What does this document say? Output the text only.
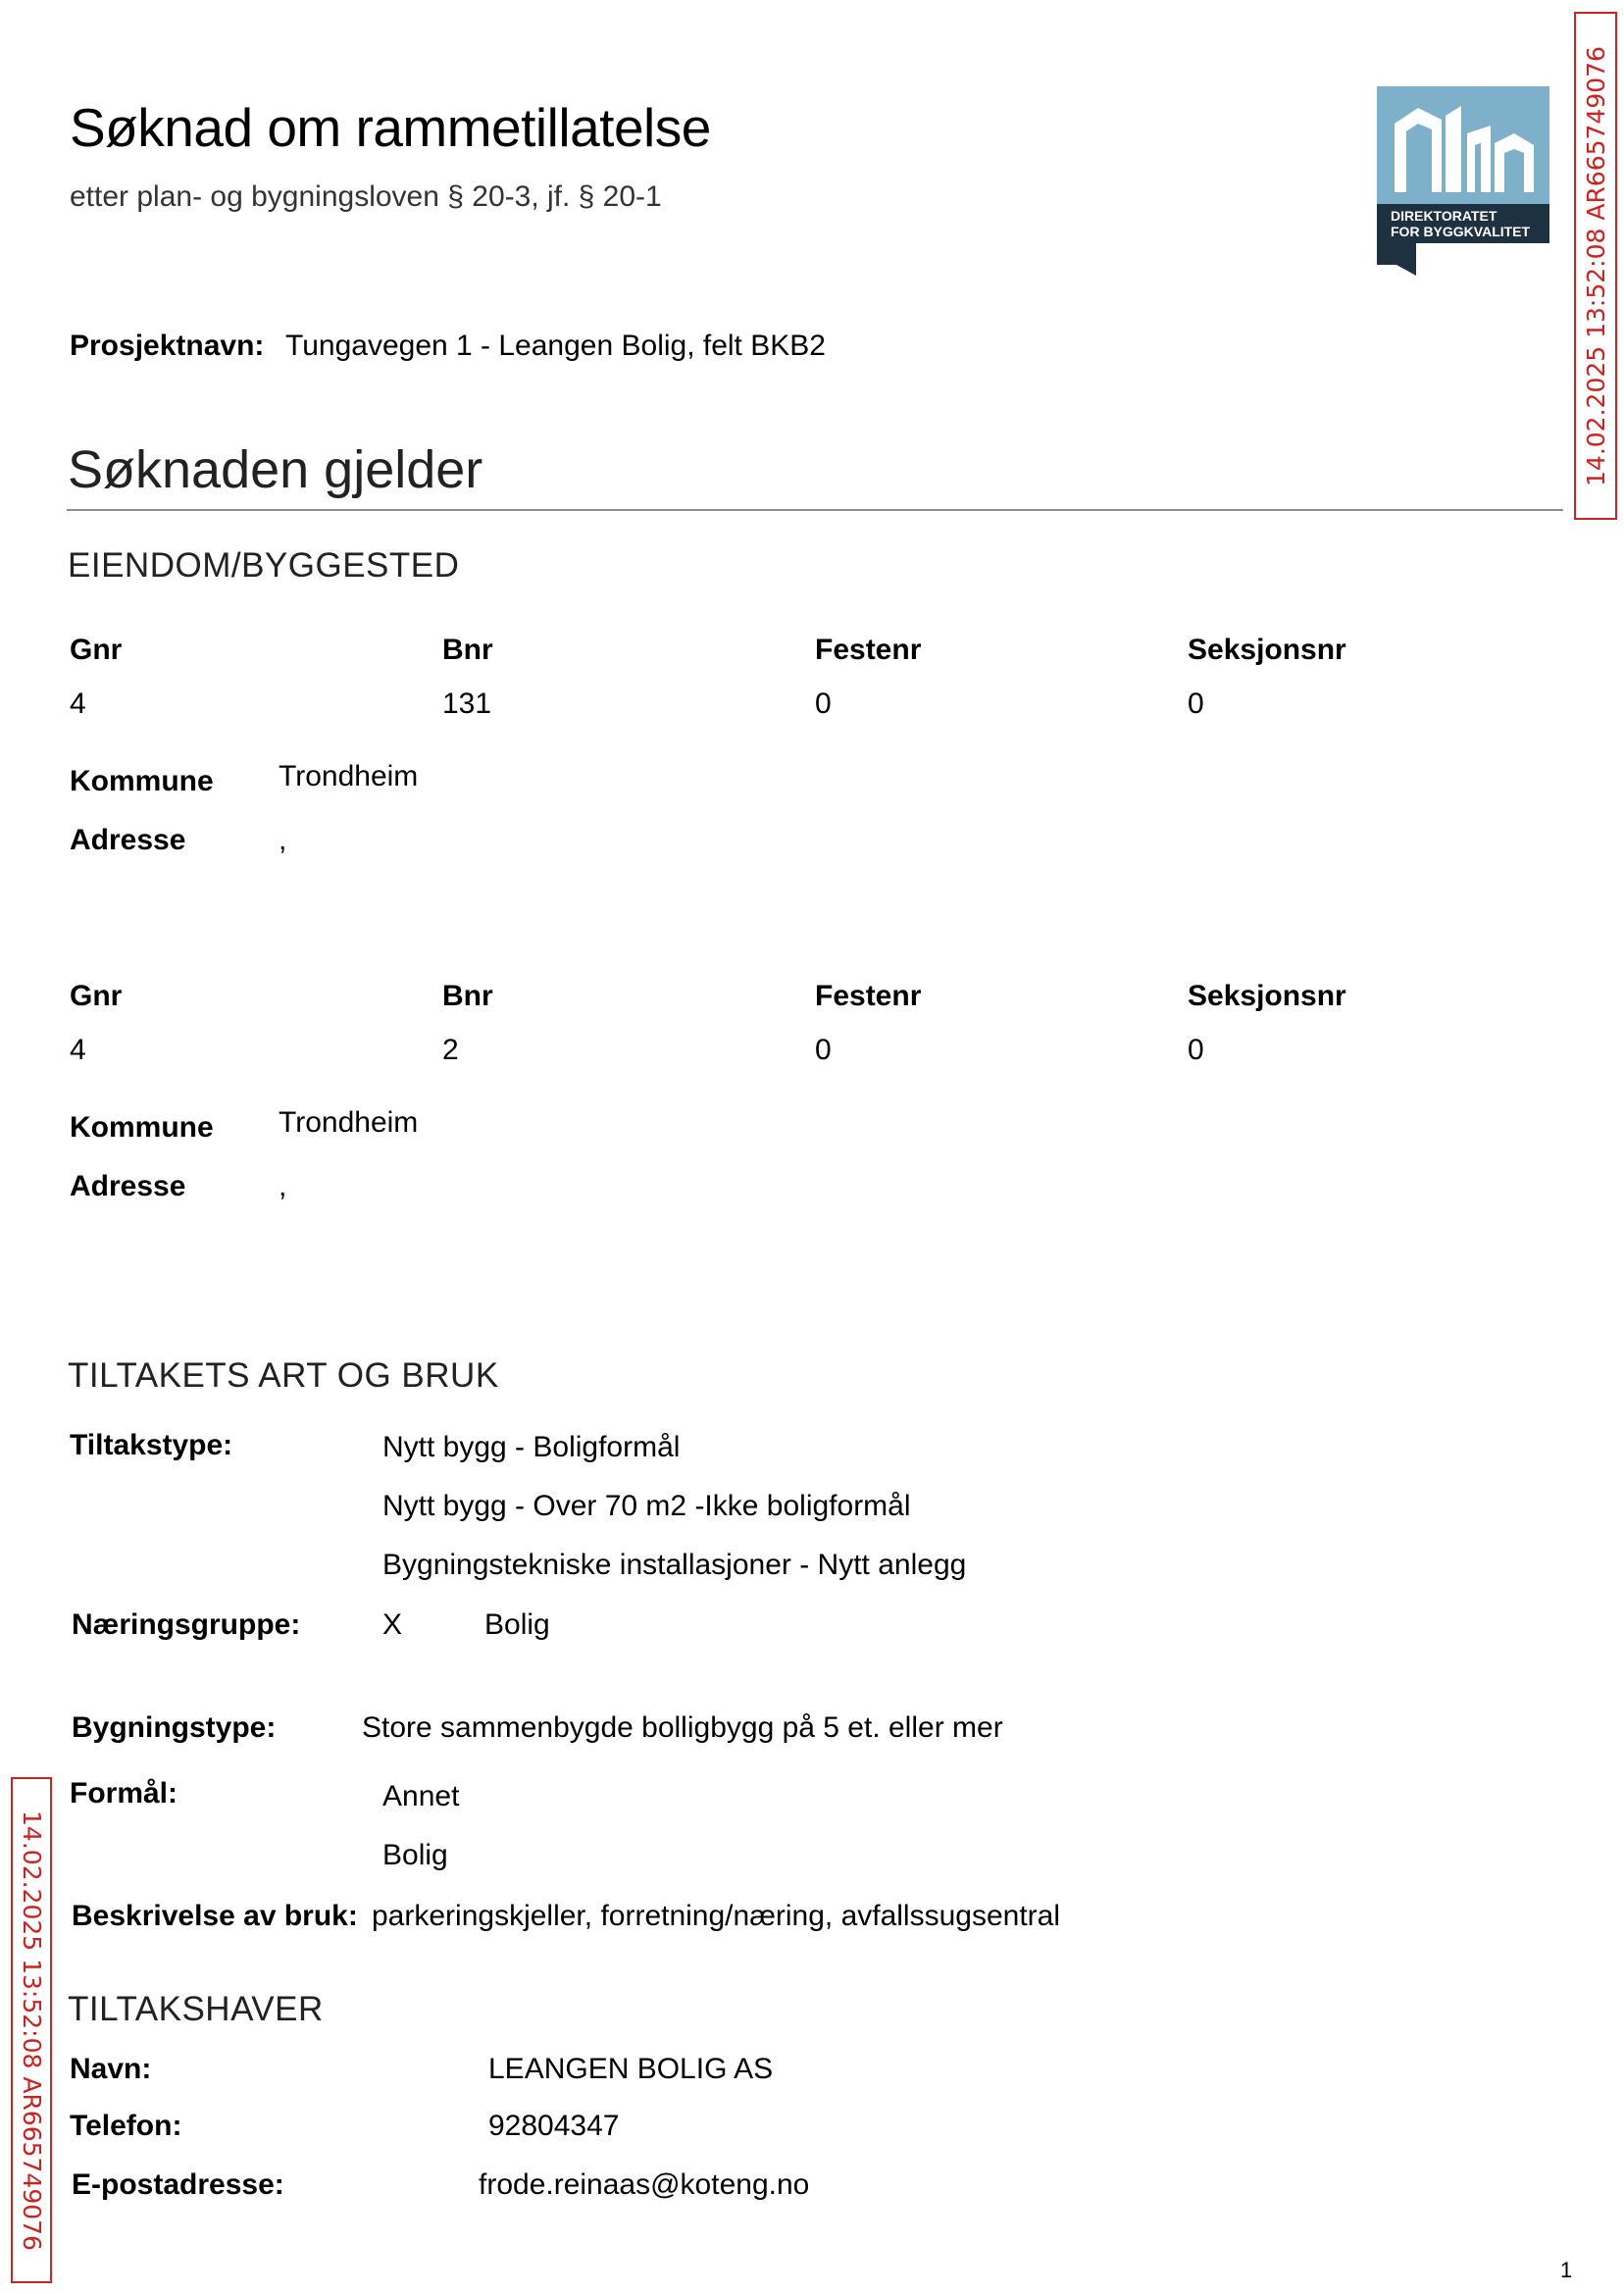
Søknad om rammetillatelse
etter plan- og bygningsloven § 20-3, jf. § 20-1
DIREKTORATET
FOR BYGGKVALITET 14.02.2025 13:52:08 AR665749076
14.02.2025 13:52:08 AR665749076
Prosjektnavn: Tungavegen 1 - Leangen Bolig, felt BKB2
Søknaden gjelder
EIENDOM/BYGGESTED
Gnr	Bnr	Festenr	Seksjonsnr
4	131	0	0
Kommune Trondheim
Adresse	,
Gnr	Bnr	Festenr	Seksjonsnr
4	2	0	0
Kommune Trondheim
Adresse	,
TILTAKETS ART OG BRUK
Tiltakstype:	Nytt bygg - Boligformål
Nytt bygg - Over 70 m2 -Ikke boligformål
Bygningstekniske installasjoner - Nytt anlegg
Næringsgruppe:	X	Bolig
Bygningstype:	Store sammenbygde bolligbygg på 5 et. eller mer
Formål:	Annet
Bolig
Beskrivelse av bruk: parkeringskjeller, forretning/næring, avfallssugsentral
TILTAKSHAVER
Navn:	LEANGEN BOLIG AS
Telefon:	92804347
E-postadresse:	frode.reinaas@koteng.no
1
